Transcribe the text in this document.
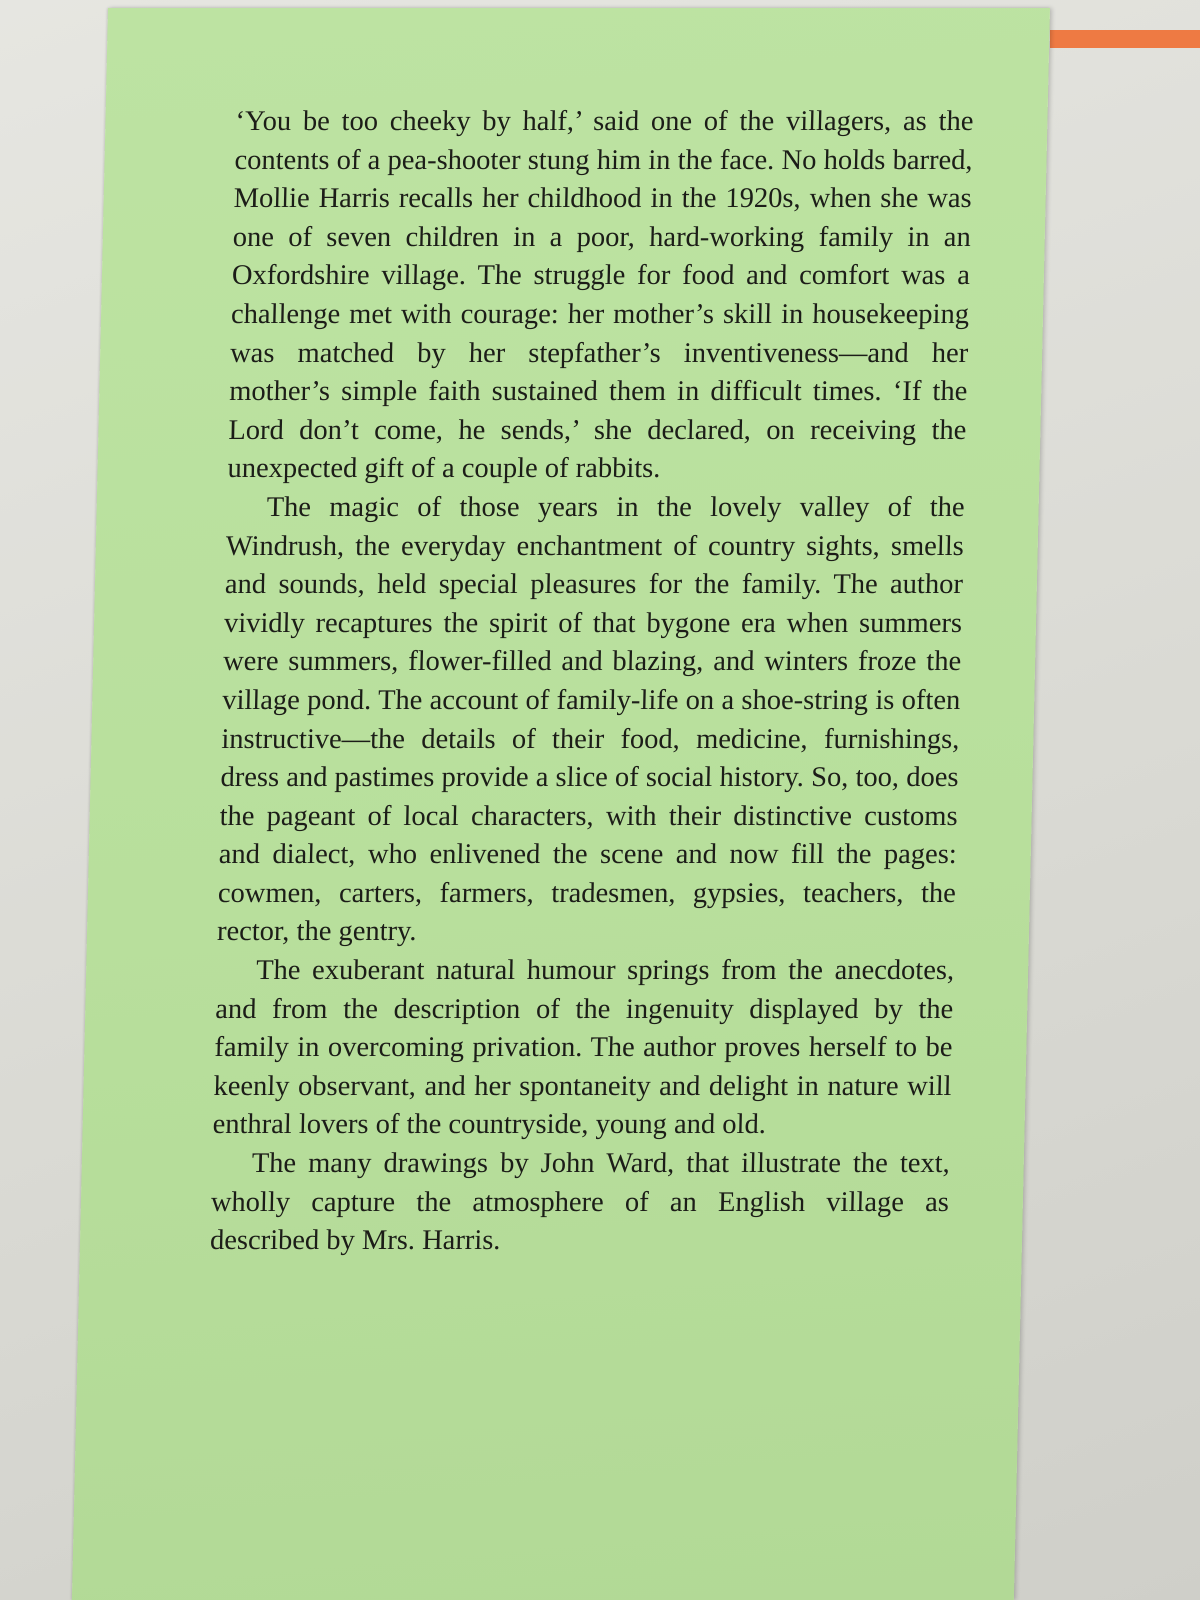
‘You be too cheeky by half,’ said one of the villagers, as the contents of a pea-shooter stung him in the face. No holds barred, Mollie Harris recalls her childhood in the 1920s, when she was one of seven children in a poor, hard-working family in an Oxfordshire village. The struggle for food and comfort was a challenge met with courage: her mother’s skill in housekeeping was matched by her stepfather’s inventiveness—and her mother’s simple faith sustained them in difficult times. ‘If the Lord don’t come, he sends,’ she declared, on receiving the unexpected gift of a couple of rabbits.

The magic of those years in the lovely valley of the Windrush, the everyday enchantment of country sights, smells and sounds, held special pleasures for the family. The author vividly recaptures the spirit of that bygone era when summers were summers, flower-filled and blazing, and winters froze the village pond. The account of family-life on a shoe-string is often instructive—the details of their food, medicine, furnishings, dress and pastimes provide a slice of social history. So, too, does the pageant of local characters, with their distinctive customs and dialect, who enlivened the scene and now fill the pages: cowmen, carters, farmers, tradesmen, gypsies, teachers, the rector, the gentry.

The exuberant natural humour springs from the anecdotes, and from the description of the ingenuity displayed by the family in overcoming privation. The author proves herself to be keenly observant, and her spontaneity and delight in nature will enthral lovers of the countryside, young and old.

The many drawings by John Ward, that illustrate the text, wholly capture the atmosphere of an English village as described by Mrs. Harris.
